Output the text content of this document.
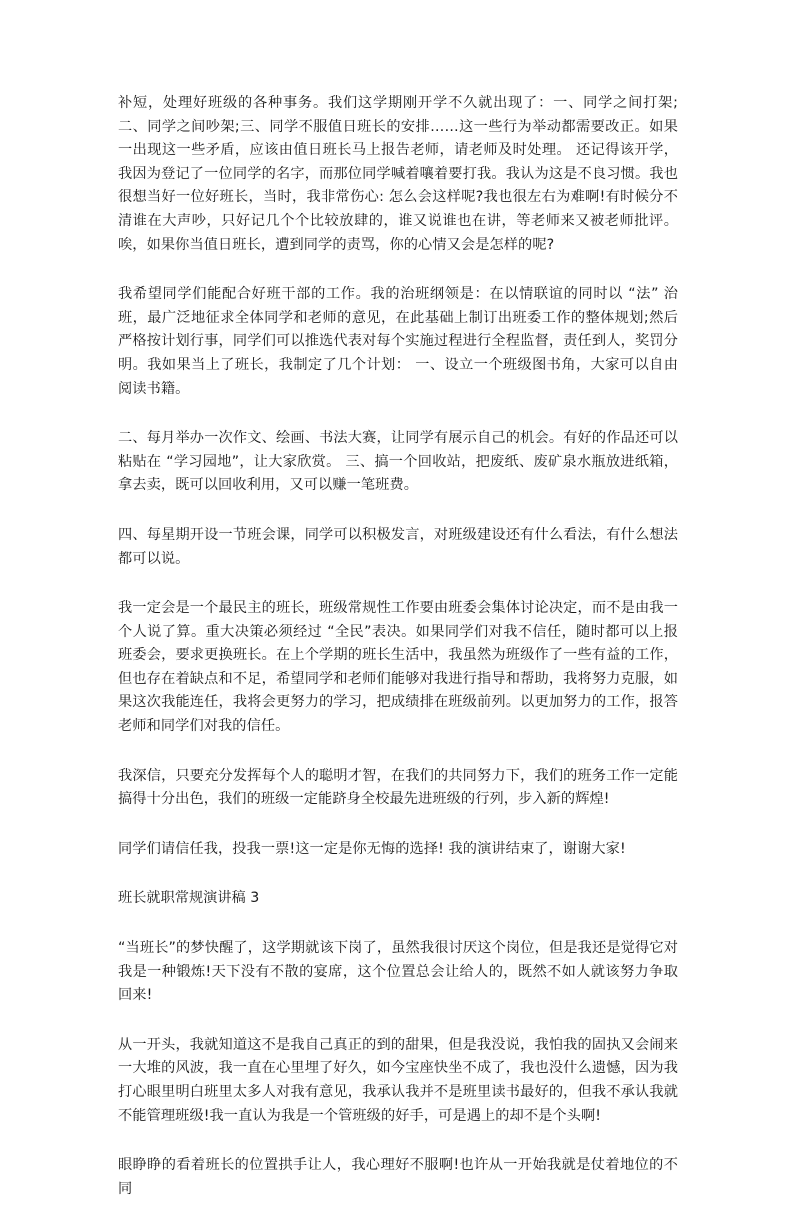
补短，处理好班级的各种事务。我们这学期刚开学不久就出现了：一、同学之间打架;二、同学之间吵架;三、同学不服值日班长的安排……这一些行为举动都需要改正。如果一出现这一些矛盾，应该由值日班长马上报告老师，请老师及时处理。 还记得该开学，我因为登记了一位同学的名字，而那位同学喊着嚷着要打我。我认为这是不良习惯。我也很想当好一位好班长，当时，我非常伤心: 怎么会这样呢?我也很左右为难啊!有时候分不清谁在大声吵，只好记几个个比较放肆的，谁又说谁也在讲，等老师来又被老师批评。唉，如果你当值日班长，遭到同学的责骂，你的心情又会是怎样的呢?

我希望同学们能配合好班干部的工作。我的治班纲领是：在以情联谊的同时以 “法” 治班，最广泛地征求全体同学和老师的意见，在此基础上制订出班委工作的整体规划;然后严格按计划行事，同学们可以推选代表对每个实施过程进行全程监督，责任到人，奖罚分明。我如果当上了班长，我制定了几个计划： 一、设立一个班级图书角，大家可以自由阅读书籍。

二、每月举办一次作文、绘画、书法大赛，让同学有展示自己的机会。有好的作品还可以粘贴在 “学习园地”，让大家欣赏。 三、搞一个回收站，把废纸、废矿泉水瓶放进纸箱，拿去卖，既可以回收利用，又可以赚一笔班费。

四、每星期开设一节班会课，同学可以积极发言，对班级建设还有什么看法，有什么想法都可以说。

我一定会是一个最民主的班长，班级常规性工作要由班委会集体讨论决定，而不是由我一个人说了算。重大决策必须经过 “全民”表决。如果同学们对我不信任，随时都可以上报班委会，要求更换班长。在上个学期的班长生活中，我虽然为班级作了一些有益的工作，但也存在着缺点和不足，希望同学和老师们能够对我进行指导和帮助，我将努力克服，如果这次我能连任，我将会更努力的学习，把成绩排在班级前列。以更加努力的工作，报答老师和同学们对我的信任。

我深信，只要充分发挥每个人的聪明才智，在我们的共同努力下，我们的班务工作一定能搞得十分出色，我们的班级一定能跻身全校最先进班级的行列，步入新的辉煌!

同学们请信任我，投我一票!这一定是你无悔的选择! 我的演讲结束了，谢谢大家!

班长就职常规演讲稿 3

“当班长”的梦快醒了，这学期就该下岗了，虽然我很讨厌这个岗位，但是我还是觉得它对我是一种锻炼!天下没有不散的宴席，这个位置总会让给人的，既然不如人就该努力争取回来!

从一开头，我就知道这不是我自己真正的到的甜果，但是我没说，我怕我的固执又会闹来一大堆的风波，我一直在心里埋了好久，如今宝座快坐不成了，我也没什么遗憾，因为我打心眼里明白班里太多人对我有意见，我承认我并不是班里读书最好的，但我不承认我就不能管理班级!我一直认为我是一个管班级的好手，可是遇上的却不是个头啊!

眼睁睁的看着班长的位置拱手让人，我心理好不服啊!也许从一开始我就是仗着地位的不同
